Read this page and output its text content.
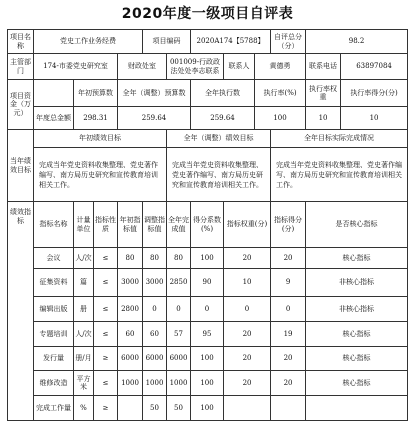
2020年度一级项目自评表
项目名称	党史工作业务经费				项目编码		2020A174【5788】			自评总分（分）	98.2	
主管部门	174-市委党史研究室			财政处室		001009-行政政法处处李志联系		联系人	黄德勇		联系电话	63897084
项目资金（万元）		年初预算数		全年（调整）预算数			全年执行数		执行率(%)		执行率权重	执行率得分(分)
	年度总金额	298.31		259.64			259.64		100		10	10
当年绩效目标	年初绩效目标					全年（调整）绩效目标				全年目标实际完成情况		
	完成当年党史资料收集整理、党史著作编写、南方局历史研究和宣传教育培训相关工作。					完成当年党史资料收集整理、党史著作编写、南方局历史研究和宣传教育培训相关工作。				完成当年党史资料收集整理、党史著作编写、南方局历史研究和宣传教育培训相关工作。		
绩效指标	指标名称	计量单位	指标性质	年初指标值	调整指标值	全年完成值	得分系数(%)	指标权重(分)		指标得分(分)	是否核心指标	
	会议	人/次	≤	80	80	80	100	20		20	核心指标	
	征集资料	篇	≤	3000	3000	2850	90	10		9	非核心指标	
	编辑出版	册	≤	2800	0	0	0	0		0	非核心指标	
	专题培训	人/次	≤	60	60	57	95	20		19	核心指标	
	发行量	册/月	≥	6000	6000	6000	100	20		20	核心指标	
	维修改造	平方米	≤	1000	1000	1000	100	20		20	核心指标	
	完成工作量	%	≥		50	50	100					
